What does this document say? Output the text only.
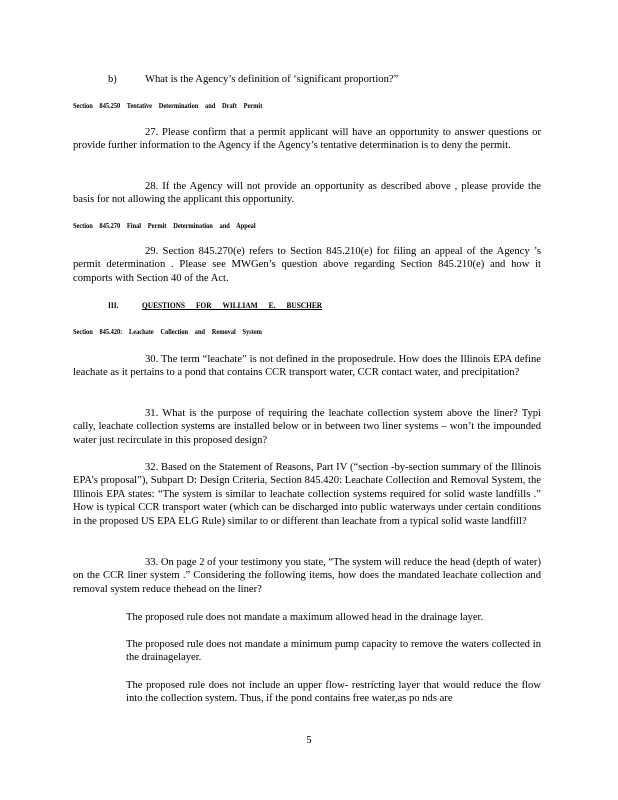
b)	What is the Agency’s definition of ‘significant proportion?”
Section 845.250 Tentative Determination and Draft Permit
27. Please confirm that a permit applicant will have an opportunity to answer questions or provide further information to the Agency if the Agency’s tentative determination is to deny the permit.
28. If the Agency will not provide an opportunity as described above , please provide the basis for not allowing the applicant this opportunity.
Section 845.270 Final Permit Determination and Appeal
29. Section 845.270(e) refers to Section 845.210(e) for filing an appeal of the Agency ’s permit determination . Please see MWGen’s question above regarding Section 845.210(e) and how it comports with Section 40 of the Act.
III.	QUESTIONS FOR WILLIAM E. BUSCHER
Section 845.420: Leachate Collection and Removal System
30. The term “leachate” is not defined in the proposedrule. How does the Illinois EPA define leachate as it pertains to a pond that contains CCR transport water, CCR contact water, and precipitation?
31. What is the purpose of requiring the leachate collection system above the liner? Typi cally, leachate collection systems are installed below or in between two liner systems – won’t the impounded water just recirculate in this proposed design?
32. Based on the Statement of Reasons, Part IV (“section -by-section summary of the Illinois EPA’s proposal”), Subpart D: Design Criteria, Section 845.420: Leachate Collection and Removal System, the Illinois EPA states: “The system is similar to leachate collection systems required for solid waste landfills .” How is typical CCR transport water (which can be discharged into public waterways under certain conditions in the proposed US EPA ELG Rule) similar to or different than leachate from a typical solid waste landfill?
33. On page 2 of your testimony you state, “The system will reduce the head (depth of water) on the CCR liner system .” Considering the following items, how does the mandated leachate collection and removal system reduce thehead on the liner?
The proposed rule does not mandate a maximum allowed head in the drainage layer.
The proposed rule does not mandate a minimum pump capacity to remove the waters collected in the drainagelayer.
The proposed rule does not include an upper flow- restricting layer that would reduce the flow into the collection system. Thus, if the pond contains free water,as po nds are
5
